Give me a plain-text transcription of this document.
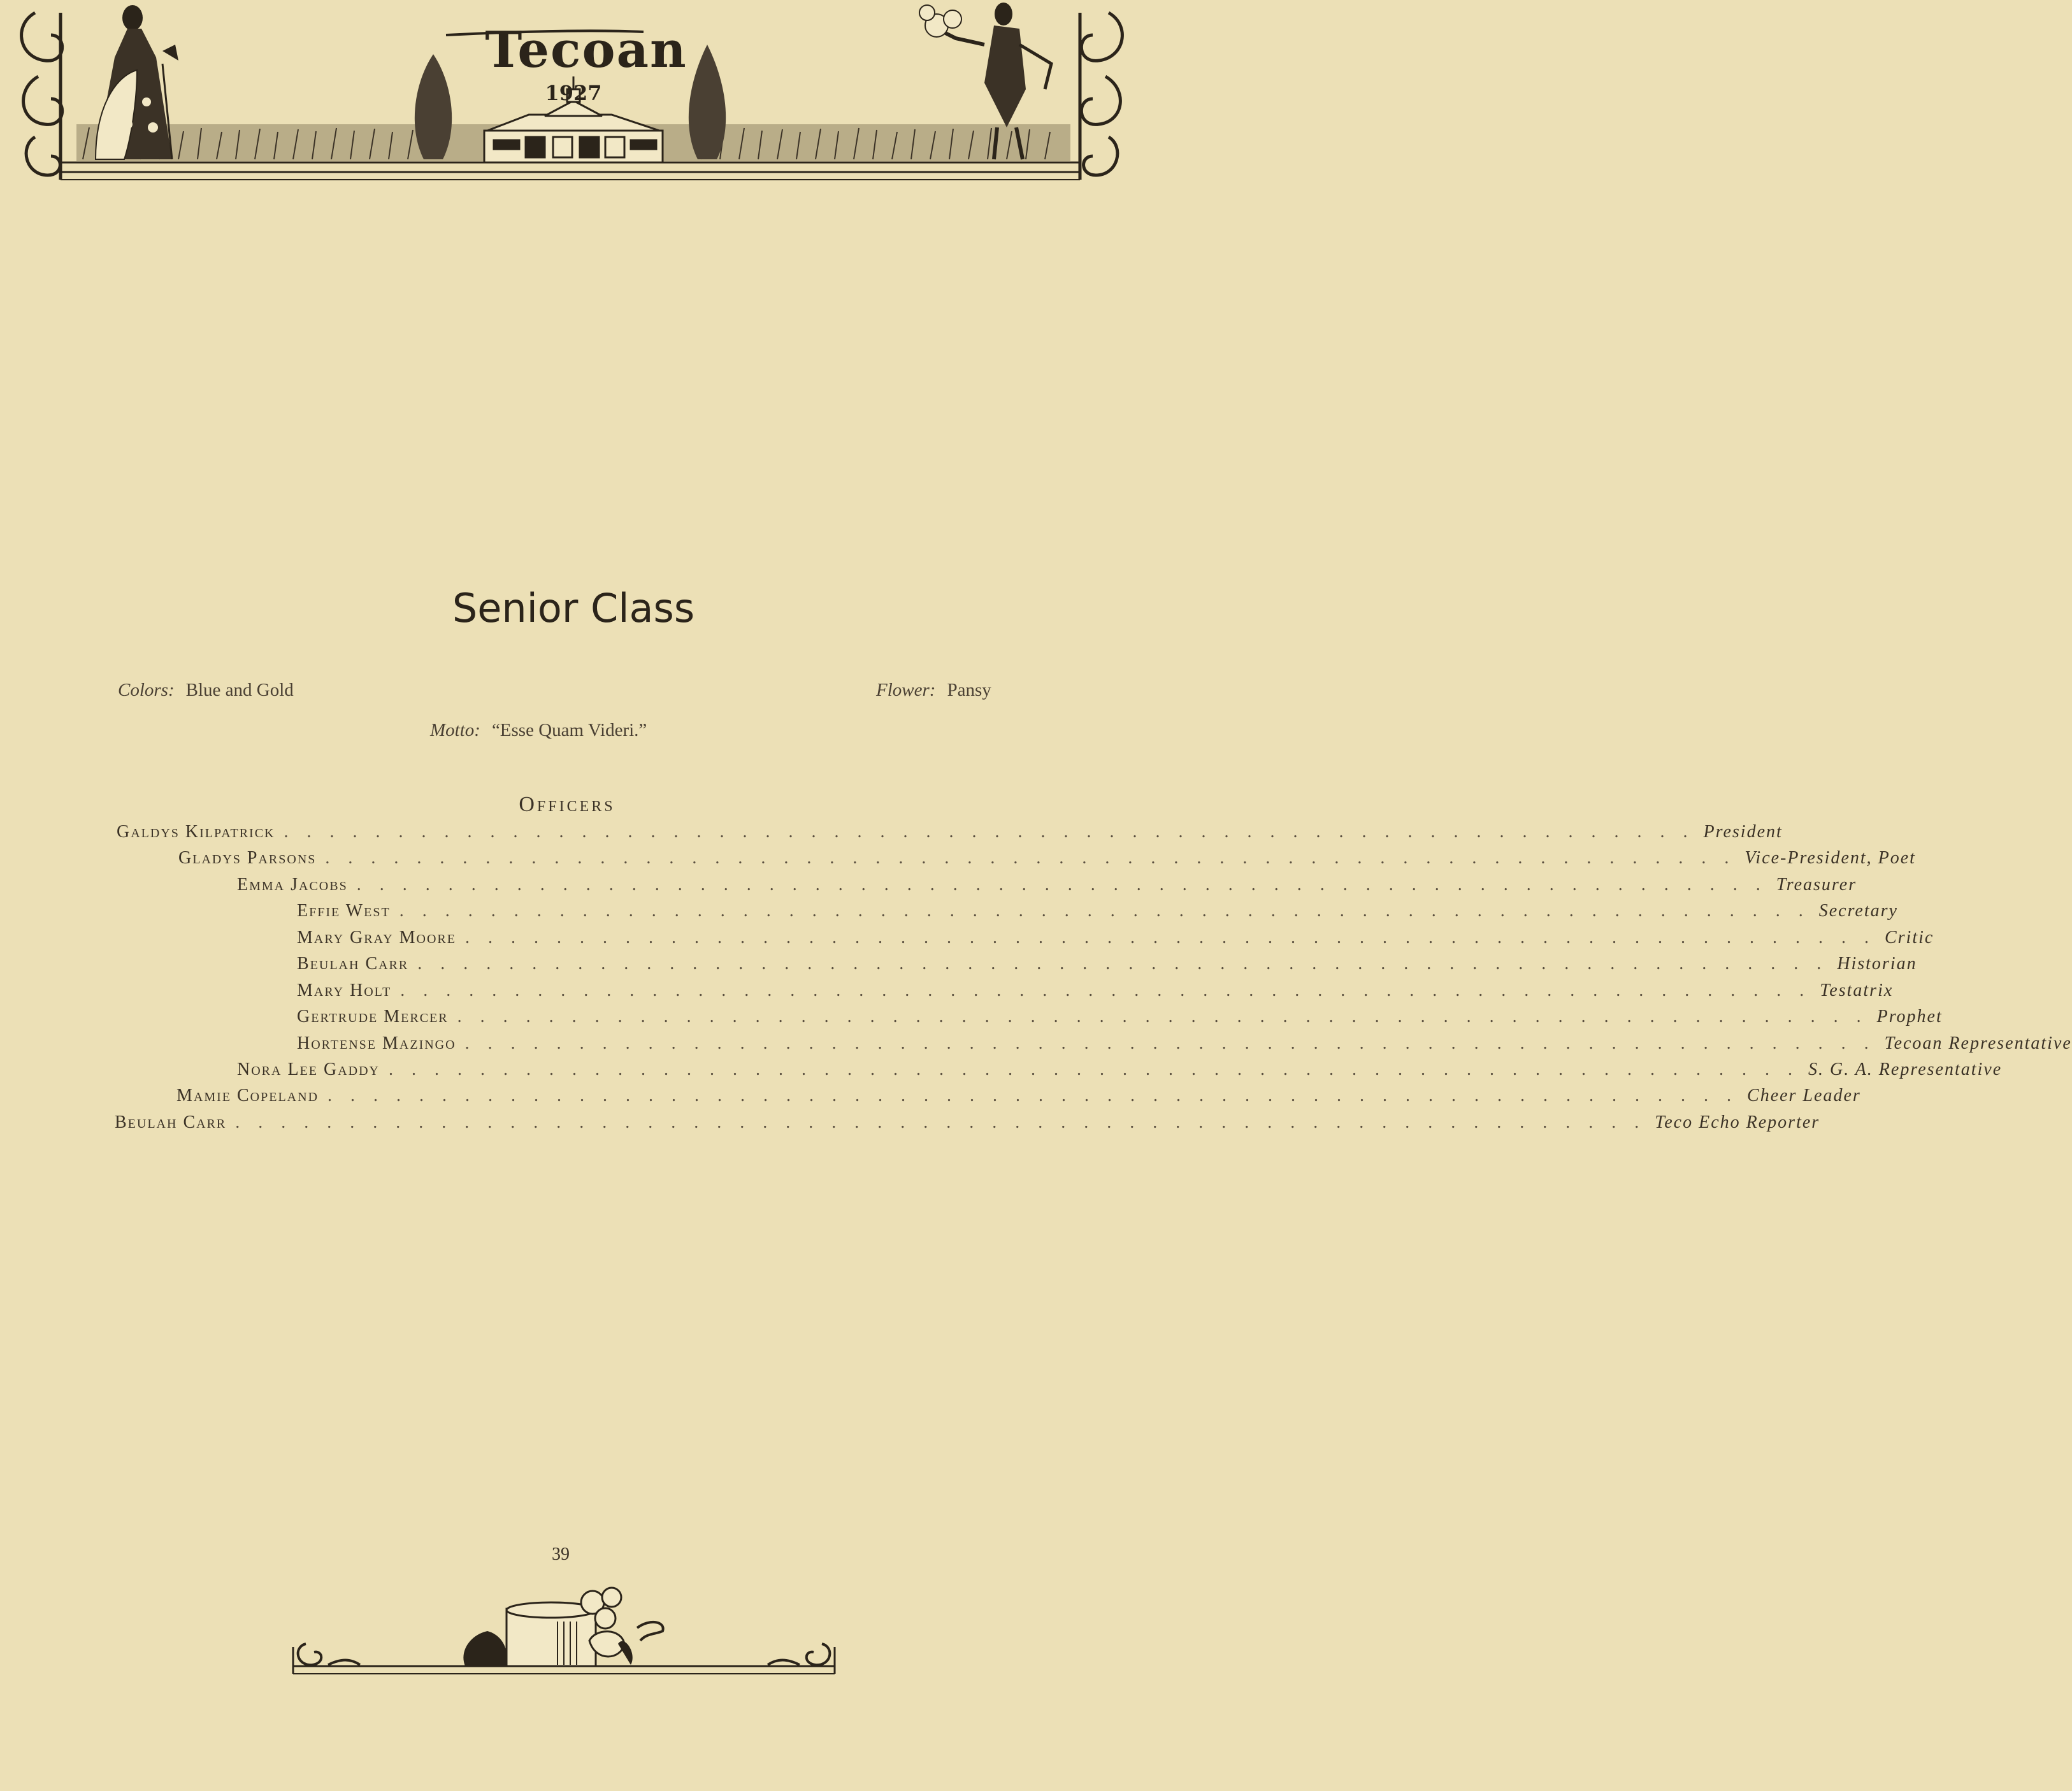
Tecoan
1927
Senior Class
Colors: Blue and Gold	Flower: Pansy
Motto: “Esse Quam Videri.”
Officers
Galdys Kilpatrick . . . . . . . . . . . . . . . . . . . . . . . . . . . . . . . . . . . . . . . . . . . . . . . . . . . . . . . . . . . . . . President
Gladys Parsons . . . . . . . . . . . . . . . . . . . . . . . . . . . . . . . . . . . . . . . . . . . . . . . . . . . . . . . . . . . . . . Vice-President, Poet
Emma Jacobs . . . . . . . . . . . . . . . . . . . . . . . . . . . . . . . . . . . . . . . . . . . . . . . . . . . . . . . . . . . . . . Treasurer
Effie West . . . . . . . . . . . . . . . . . . . . . . . . . . . . . . . . . . . . . . . . . . . . . . . . . . . . . . . . . . . . . . Secretary
Mary Gray Moore . . . . . . . . . . . . . . . . . . . . . . . . . . . . . . . . . . . . . . . . . . . . . . . . . . . . . . . . . . . . . . Critic
Beulah Carr . . . . . . . . . . . . . . . . . . . . . . . . . . . . . . . . . . . . . . . . . . . . . . . . . . . . . . . . . . . . . . Historian
Mary Holt . . . . . . . . . . . . . . . . . . . . . . . . . . . . . . . . . . . . . . . . . . . . . . . . . . . . . . . . . . . . . . Testatrix
Gertrude Mercer . . . . . . . . . . . . . . . . . . . . . . . . . . . . . . . . . . . . . . . . . . . . . . . . . . . . . . . . . . . . . . Prophet
Hortense Mazingo . . . . . . . . . . . . . . . . . . . . . . . . . . . . . . . . . . . . . . . . . . . . . . . . . . . . . . . . . . . . . . Tecoan Representative
Nora Lee Gaddy . . . . . . . . . . . . . . . . . . . . . . . . . . . . . . . . . . . . . . . . . . . . . . . . . . . . . . . . . . . . . . S. G. A. Representative
Mamie Copeland . . . . . . . . . . . . . . . . . . . . . . . . . . . . . . . . . . . . . . . . . . . . . . . . . . . . . . . . . . . . . . Cheer Leader
Beulah Carr . . . . . . . . . . . . . . . . . . . . . . . . . . . . . . . . . . . . . . . . . . . . . . . . . . . . . . . . . . . . . . Teco Echo Reporter
39
